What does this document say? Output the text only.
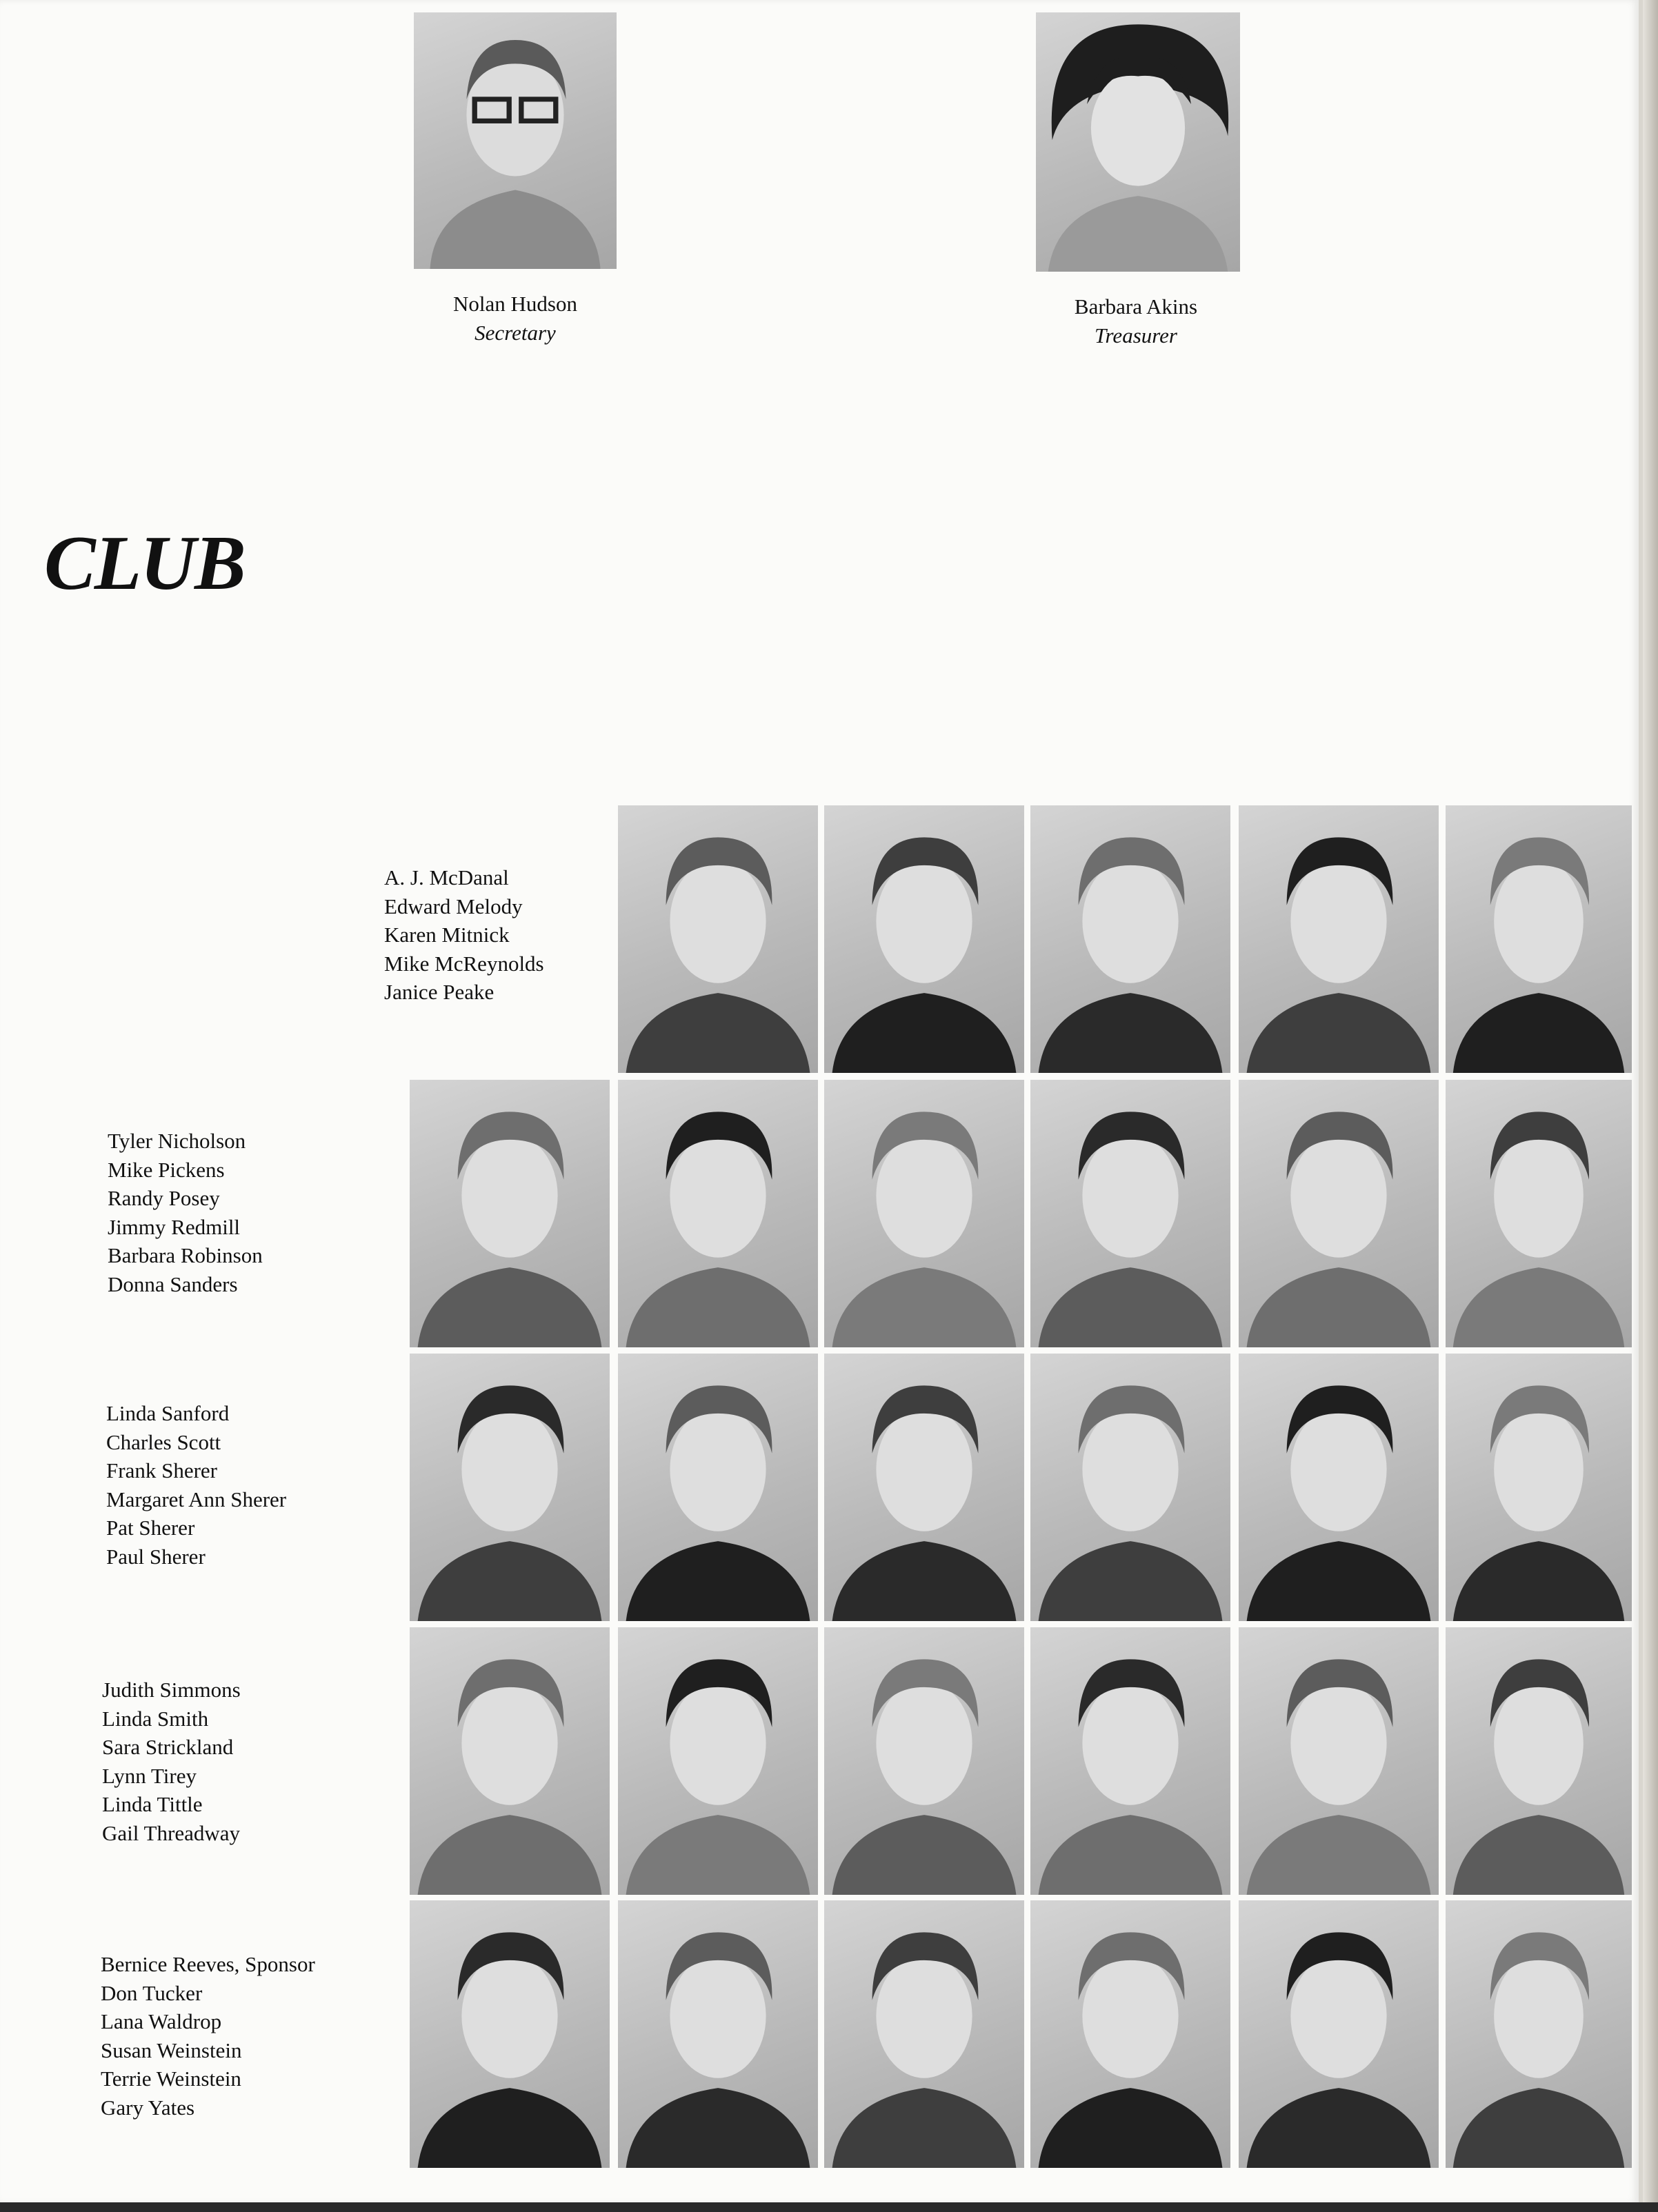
Nolan Hudson
Secretary
Barbara Akins
Treasurer
CLUB
A. J. McDanal
Edward Melody
Karen Mitnick
Mike McReynolds
Janice Peake
Tyler Nicholson
Mike Pickens
Randy Posey
Jimmy Redmill
Barbara Robinson
Donna Sanders
Linda Sanford
Charles Scott
Frank Sherer
Margaret Ann Sherer
Pat Sherer
Paul Sherer
Judith Simmons
Linda Smith
Sara Strickland
Lynn Tirey
Linda Tittle
Gail Threadway
Bernice Reeves, Sponsor
Don Tucker
Lana Waldrop
Susan Weinstein
Terrie Weinstein
Gary Yates
